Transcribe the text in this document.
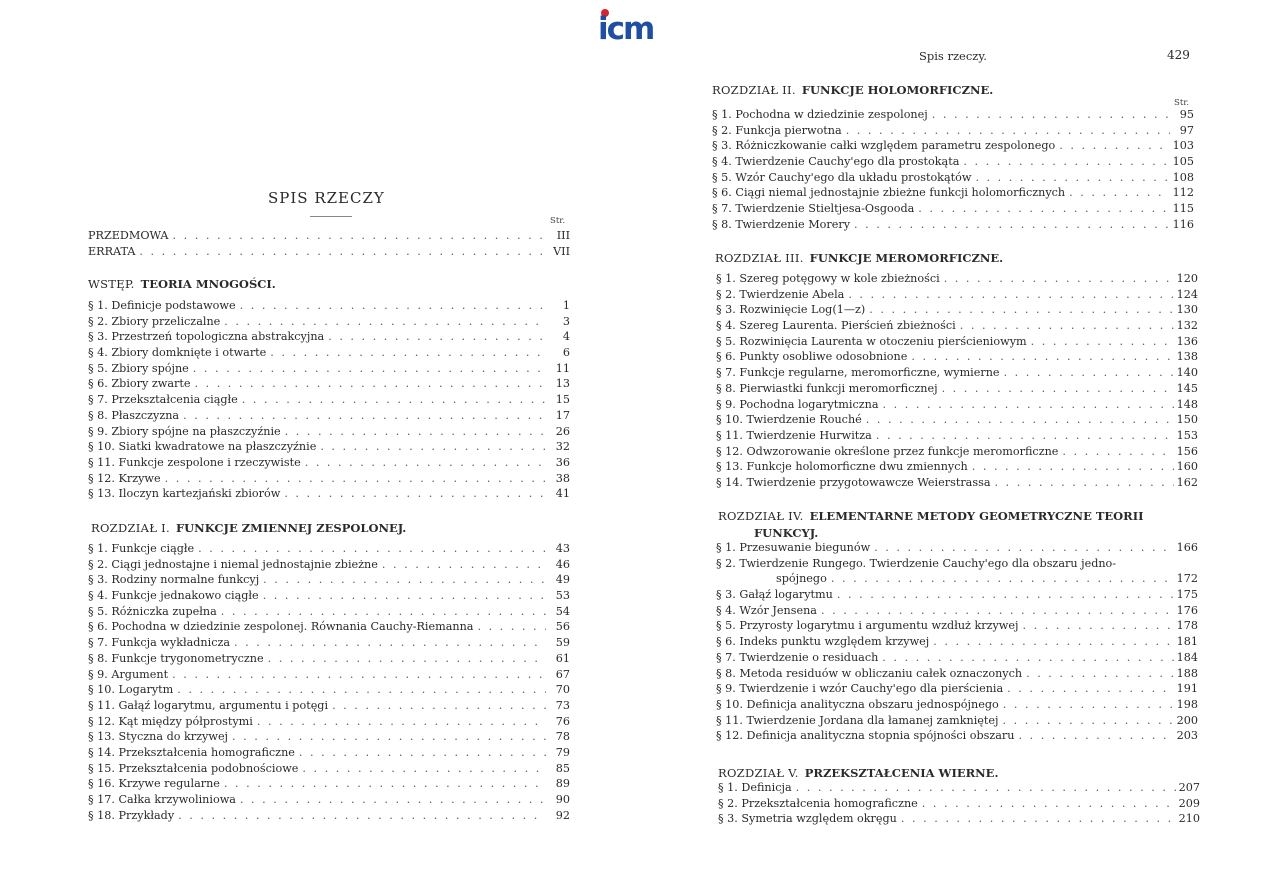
icm
SPIS RZECZY
Str.
PRZEDMOWA . . .	III
ERRATA . . .	VII
WSTĘP. TEORIA MNOGOŚCI.
§ 1. Definicje podstawowe . . .	1
§ 2. Zbiory przeliczalne . . .	3
§ 3. Przestrzeń topologiczna abstrakcyjna . . .	4
§ 4. Zbiory domknięte i otwarte . . .	6
§ 5. Zbiory spójne . . .	11
§ 6. Zbiory zwarte . . .	13
§ 7. Przekształcenia ciągłe . . .	15
§ 8. Płaszczyzna . . .	17
§ 9. Zbiory spójne na płaszczyźnie . . .	26
§ 10. Siatki kwadratowe na płaszczyźnie . . .	32
§ 11. Funkcje zespolone i rzeczywiste . . .	36
§ 12. Krzywe . . .	38
§ 13. Iloczyn kartezjański zbiorów . . .	41
ROZDZIAŁ I. FUNKCJE ZMIENNEJ ZESPOLONEJ.
§ 1. Funkcje ciągłe . . .	43
§ 2. Ciągi jednostajne i niemal jednostajnie zbieżne . . .	46
§ 3. Rodziny normalne funkcyj . . .	49
§ 4. Funkcje jednakowo ciągłe . . .	53
§ 5. Różniczka zupełna . . .	54
§ 6. Pochodna w dziedzinie zespolonej. Równania Cauchy-Riemanna . . .	56
§ 7. Funkcja wykładnicza . . .	59
§ 8. Funkcje trygonometryczne . . .	61
§ 9. Argument . . .	67
§ 10. Logarytm . . .	70
§ 11. Gałąź logarytmu, argumentu i potęgi . . .	73
§ 12. Kąt między półprostymi . . .	76
§ 13. Styczna do krzywej . . .	78
§ 14. Przekształcenia homograficzne . . .	79
§ 15. Przekształcenia podobnościowe . . .	85
§ 16. Krzywe regularne . . .	89
§ 17. Całka krzywoliniowa . . .	90
§ 18. Przykłady . . .	92
Spis rzeczy.	429
ROZDZIAŁ II. FUNKCJE HOLOMORFICZNE.
Str.
§ 1. Pochodna w dziedzinie zespolonej . . .	95
§ 2. Funkcja pierwotna . . .	97
§ 3. Różniczkowanie całki względem parametru zespolonego . . .	103
§ 4. Twierdzenie Cauchy'ego dla prostokąta . . .	105
§ 5. Wzór Cauchy'ego dla układu prostokątów . . .	108
§ 6. Ciągi niemal jednostajnie zbieżne funkcji holomorficznych . . .	112
§ 7. Twierdzenie Stieltjesa-Osgooda . . .	115
§ 8. Twierdzenie Morery . . .	116
ROZDZIAŁ III. FUNKCJE MEROMORFICZNE.
§ 1. Szereg potęgowy w kole zbieżności . . .	120
§ 2. Twierdzenie Abela . . .	124
§ 3. Rozwinięcie Log(1—z) . . .	130
§ 4. Szereg Laurenta. Pierścień zbieżności . . .	132
§ 5. Rozwinięcia Laurenta w otoczeniu pierścieniowym . . .	136
§ 6. Punkty osobliwe odosobnione . . .	138
§ 7. Funkcje regularne, meromorficzne, wymierne . . .	140
§ 8. Pierwiastki funkcji meromorficznej . . .	145
§ 9. Pochodna logarytmiczna . . .	148
§ 10. Twierdzenie Rouché . . .	150
§ 11. Twierdzenie Hurwitza . . .	153
§ 12. Odwzorowanie określone przez funkcje meromorficzne . . .	156
§ 13. Funkcje holomorficzne dwu zmiennych . . .	160
§ 14. Twierdzenie przygotowawcze Weierstrassa . . .	162
ROZDZIAŁ IV. ELEMENTARNE METODY GEOMETRYCZNE TEORII
FUNKCYJ.
§ 1. Przesuwanie biegunów . . .	166
§ 2. Twierdzenie Rungego. Twierdzenie Cauchy'ego dla obszaru jedno-
spójnego . . .	172
§ 3. Gałąź logarytmu . . .	175
§ 4. Wzór Jensena . . .	176
§ 5. Przyrosty logarytmu i argumentu wzdłuż krzywej . . .	178
§ 6. Indeks punktu względem krzywej . . .	181
§ 7. Twierdzenie o residuach . . .	184
§ 8. Metoda residuów w obliczaniu całek oznaczonych . . .	188
§ 9. Twierdzenie i wzór Cauchy'ego dla pierścienia . . .	191
§ 10. Definicja analityczna obszaru jednospójnego . . .	198
§ 11. Twierdzenie Jordana dla łamanej zamkniętej . . .	200
§ 12. Definicja analityczna stopnia spójności obszaru . . .	203
ROZDZIAŁ V. PRZEKSZTAŁCENIA WIERNE.
§ 1. Definicja . . .	207
§ 2. Przekształcenia homograficzne . . .	209
§ 3. Symetria względem okręgu . . .	210
